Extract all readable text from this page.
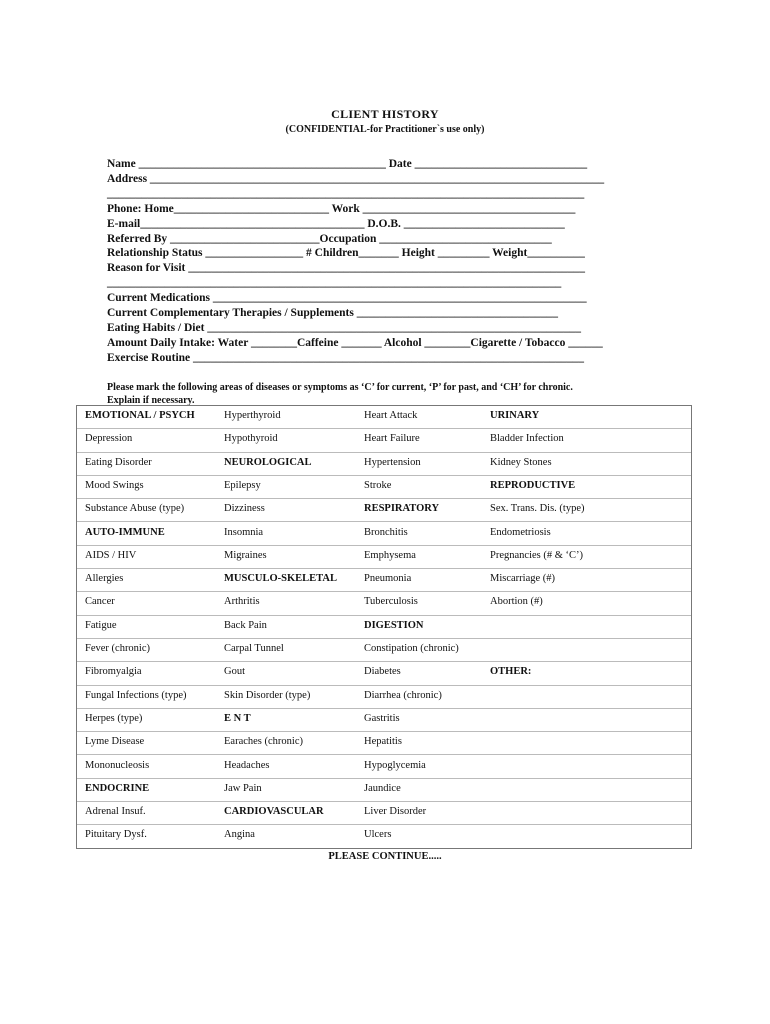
CLIENT HISTORY
(CONFIDENTIAL-for Practitioner`s use only)
Name ___________________________________________ Date ______________________________
Address _______________________________________________________________________________
___________________________________________________________________________________
Phone: Home___________________________ Work _____________________________________
E-mail_______________________________________ D.O.B. ____________________________
Referred By __________________________Occupation ______________________________
Relationship Status _________________ # Children_______ Height _________ Weight__________
Reason for Visit _____________________________________________________________________
_______________________________________________________________________________
Current Medications _________________________________________________________________
Current Complementary Therapies / Supplements ___________________________________
Eating Habits / Diet _________________________________________________________________
Amount Daily Intake: Water ________Caffeine _______ Alcohol ________Cigarette / Tobacco ______
Exercise Routine ____________________________________________________________________
Please mark the following areas of diseases or symptoms as ‘C’ for current, ‘P’ for past, and ‘CH’ for chronic.
Explain if necessary.
EMOTIONAL / PSYCH	Hyperthyroid	Heart Attack	URINARY
Depression	Hypothyroid	Heart Failure	Bladder Infection
Eating Disorder	NEUROLOGICAL	Hypertension	Kidney Stones
Mood Swings	Epilepsy	Stroke	REPRODUCTIVE
Substance Abuse (type)	Dizziness	RESPIRATORY	Sex. Trans. Dis. (type)
AUTO-IMMUNE	Insomnia	Bronchitis	Endometriosis
AIDS / HIV	Migraines	Emphysema	Pregnancies (# & ‘C’)
Allergies	MUSCULO-SKELETAL	Pneumonia	Miscarriage (#)
Cancer	Arthritis	Tuberculosis	Abortion (#)
Fatigue	Back Pain	DIGESTION
Fever (chronic)	Carpal Tunnel	Constipation (chronic)
Fibromyalgia	Gout	Diabetes	OTHER:
Fungal Infections (type)	Skin Disorder (type)	Diarrhea (chronic)
Herpes (type)	E N T	Gastritis
Lyme Disease	Earaches (chronic)	Hepatitis
Mononucleosis	Headaches	Hypoglycemia
ENDOCRINE	Jaw Pain	Jaundice
Adrenal Insuf.	CARDIOVASCULAR	Liver Disorder
Pituitary Dysf.	Angina	Ulcers
PLEASE CONTINUE.....
